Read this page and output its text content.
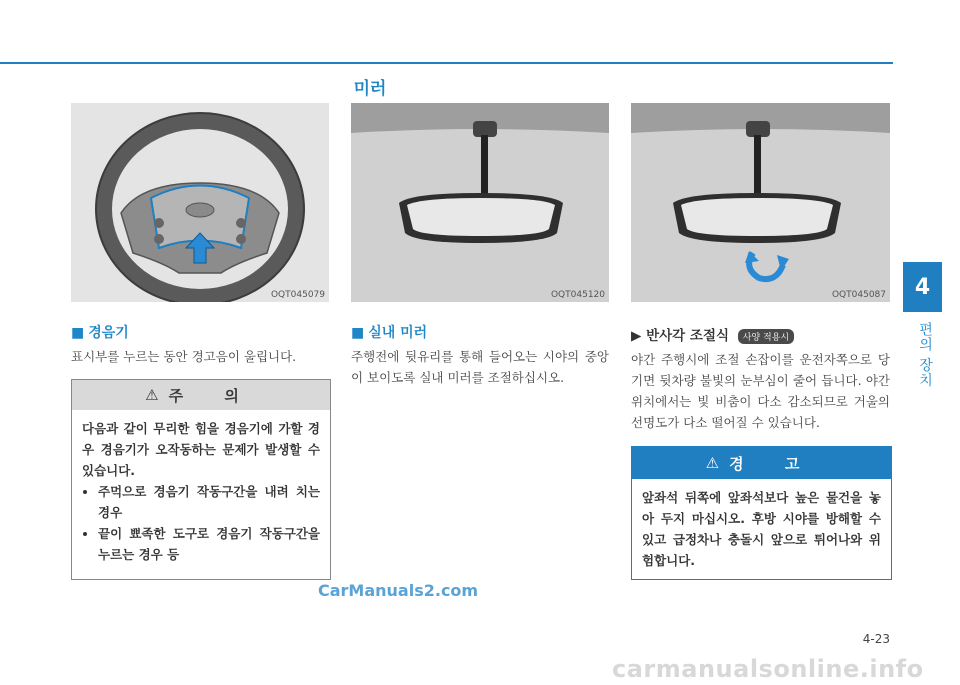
미러
4
편의 장치
OQT045079	OQT045120	OQT045087
■ 경음기
표시부를 누르는 동안 경고음이 울립니다.
⚠ 주 의
다음과 같이 무리한 힘을 경음기에 가할 경우 경음기가 오작동하는 문제가 발생할 수 있습니다.
• 주먹으로 경음기 작동구간을 내려 치는 경우
• 끝이 뾰족한 도구로 경음기 작동구간을 누르는 경우 등
■ 실내 미러
주행전에 뒷유리를 통해 들어오는 시야의 중앙이 보이도록 실내 미러를 조절하십시오.
▶ 반사각 조절식 사양 적용시
야간 주행시에 조절 손잡이를 운전자쪽으로 당기면 뒷차량 불빛의 눈부심이 줄어 듭니다. 야간 위치에서는 빛 비춤이 다소 감소되므로 거울의 선명도가 다소 떨어질 수 있습니다.
⚠ 경 고
앞좌석 뒤쪽에 앞좌석보다 높은 물건을 놓아 두지 마십시오. 후방 시야를 방해할 수 있고 급정차나 충돌시 앞으로 튀어나와 위험합니다.
CarManuals2.com
4-23
carmanualsonline.info
